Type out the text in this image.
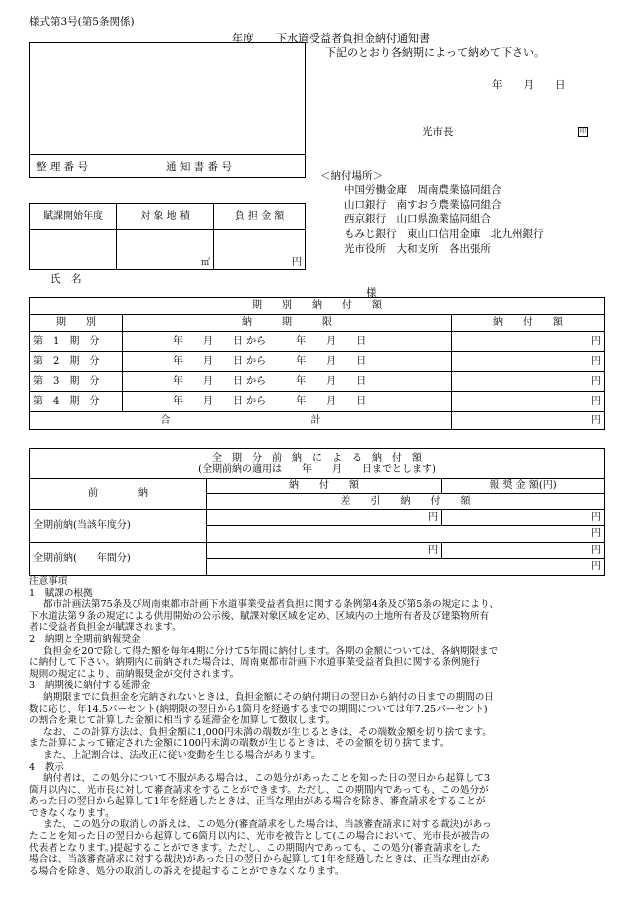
様式第3号(第5条関係)
年度　　下水道受益者負担金納付通知書
下記のとおり各納期によって納めて下さい。
年　　月　　日
光市長	印
整 理 番 号	通 知 書 番 号
＜納付場所＞
中国労働金庫　周南農業協同組合
山口銀行　南すおう農業協同組合
西京銀行　山口県漁業協同組合
もみじ銀行　東山口信用金庫　北九州銀行
光市役所　大和支所　各出張所
賦課開始年度	対 象 地 積	負 担 金 額
	㎡	円
氏　名
様
期　　別　　納　　付　　額		
期　　別	納　　　期　　　限	納　　付　　額
第　1　期　分	年　　月　　日 から　　　年　　月　　日	円
第　2　期　分	年　　月　　日 から　　　年　　月　　日	円
第　3　期　分	年　　月　　日 から　　　年　　月　　日	円
第　4　期　分	年　　月　　日 から　　　年　　月　　日	円
合　　　　　　　　　　　　　　計		円
全　期　分　前　納　に　よ　る　納　付　額
(全期前納の適用は　　年　　月　　日までとします)		

前　　　　納	納　　付　　額	報 奨 金 額(円)
	差　　引　　納　　付　　額	
全期前納(当該年度分)	円	円
	円	
全期前納(　　年間分)	円	円
	円	
注意事項
1　賦課の根拠
都市計画法第75条及び周南東都市計画下水道事業受益者負担に関する条例第4条及び第5条の規定により、
下水道法第９条の規定による供用開始の公示後、賦課対象区域を定め、区域内の土地所有者及び建築物所有
者に受益者負担金が賦課されます。
2　納期と全期前納報奨金
負担金を20で除して得た額を毎年4期に分けて5年間に納付します。各期の金額については、各納期限まで
に納付して下さい。納期内に前納された場合は、周南東都市計画下水道事業受益者負担に関する条例施行
規則の規定により、前納報奨金が交付されます。
3　納期後に納付する延滞金
納期限までに負担金を完納されないときは、負担金額にその納付期日の翌日から納付の日までの期間の日
数に応じ、年14.5パーセント(納期限の翌日から1箇月を経過するまでの期間については年7.25パーセント)
の割合を乗じて計算した金額に相当する延滞金を加算して徴収します。
なお、この計算方法は、負担金額に1,000円未満の端数が生じるときは、その端数金額を切り捨てます。
また計算によって確定された金額に100円未満の端数が生じるときは、その金額を切り捨てます。
また、上記割合は、法改正に従い変動を生じる場合があります。
4　教示
納付者は、この処分について不服がある場合は、この処分があったことを知った日の翌日から起算して3
箇月以内に、光市長に対して審査請求をすることができます。ただし、この期間内であっても、この処分が
あった日の翌日から起算して1年を経過したときは、正当な理由がある場合を除き、審査請求をすることが
できなくなります。
また、この処分の取消しの訴えは、この処分(審査請求をした場合は、当該審査請求に対する裁決)があっ
たことを知った日の翌日から起算して6箇月以内に、光市を被告として(この場合において、光市長が被告の
代表者となります。)提起することができます。ただし、この期間内であっても、この処分(審査請求をした
場合は、当該審査請求に対する裁決)があった日の翌日から起算して1年を経過したときは、正当な理由があ
る場合を除き、処分の取消しの訴えを提起することができなくなります。
